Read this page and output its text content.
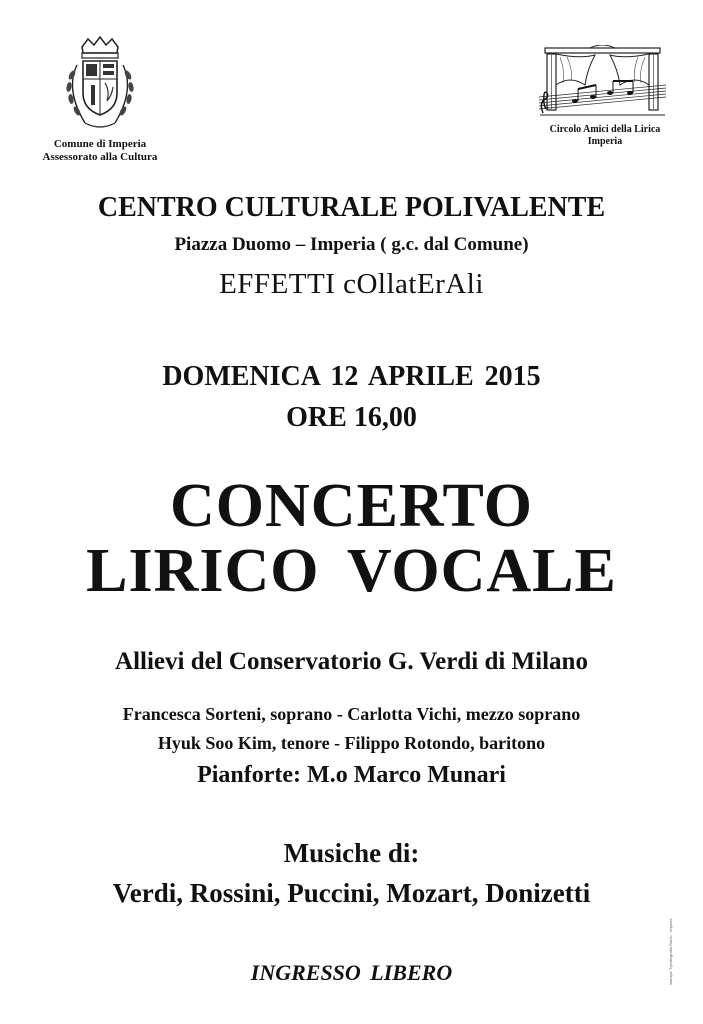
Comune di Imperia
Assessorato alla Cultura
Circolo Amici della Lirica
Imperia
CENTRO CULTURALE POLIVALENTE
Piazza Duomo – Imperia ( g.c. dal Comune)
EFFETTI cOllatErAli
DOMENICA 12 APRILE 2015
ORE 16,00
CONCERTO
LIRICO VOCALE
Allievi del Conservatorio G. Verdi di Milano
Francesca Sorteni, soprano - Carlotta Vichi, mezzo soprano
Hyuk Soo Kim, tenore - Filippo Rotondo, baritono
Pianforte: M.o Marco Munari
Musiche di:
Verdi, Rossini, Puccini, Mozart, Donizetti
INGRESSO LIBERO	stampa: Tipolitografia Ranlo - Imperia
